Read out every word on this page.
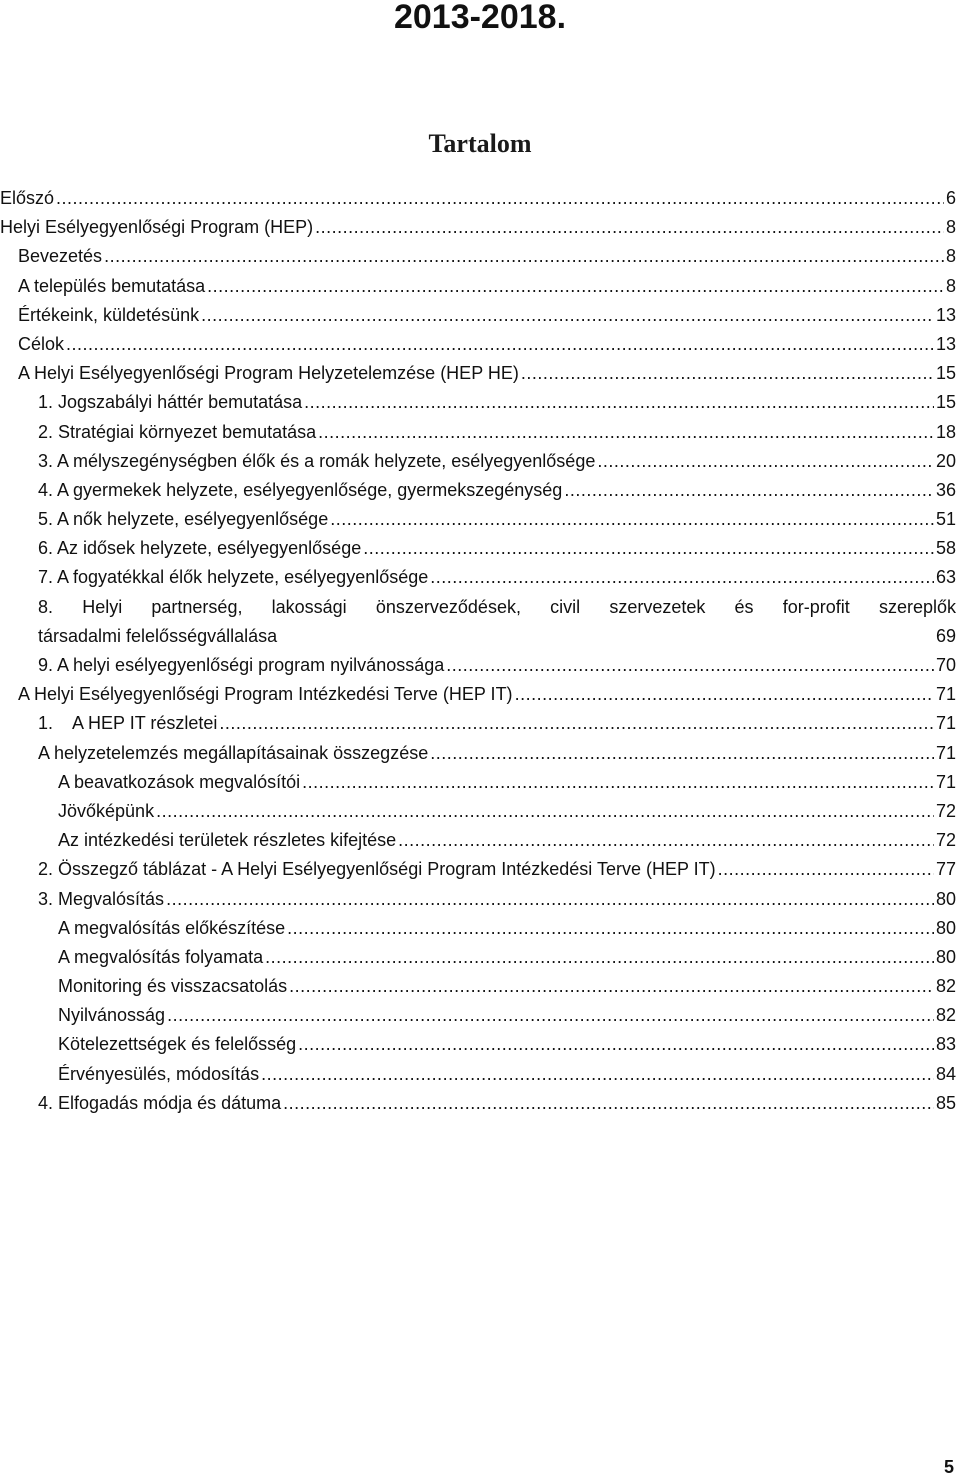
2013-2018.
Tartalom
Előszó .....	6
Helyi Esélyegyenlőségi Program (HEP) .....	8
Bevezetés .....	8
A település bemutatása .....	8
Értékeink, küldetésünk .....	13
Célok .....	13
A Helyi Esélyegyenlőségi Program Helyzetelemzése (HEP HE) .....	15
1. Jogszabályi háttér bemutatása .....	15
2. Stratégiai környezet bemutatása .....	18
3. A mélyszegénységben élők és a romák helyzete, esélyegyenlősége .....	20
4. A gyermekek helyzete, esélyegyenlősége, gyermekszegénység .....	36
5. A nők helyzete, esélyegyenlősége .....	51
6. Az idősek helyzete, esélyegyenlősége .....	58
7. A fogyatékkal élők helyzete, esélyegyenlősége .....	63
8. Helyi partnerség, lakossági önszerveződések, civil szervezetek és for-profit szereplők
társadalmi felelősségvállalása	69
9. A helyi esélyegyenlőségi program nyilvánossága .....	70
A Helyi Esélyegyenlőségi Program Intézkedési Terve (HEP IT) .....	71
1.    A HEP IT részletei .....	71
A helyzetelemzés megállapításainak összegzése .....	71
A beavatkozások megvalósítói .....	71
Jövőképünk .....	72
Az intézkedési területek részletes kifejtése .....	72
2. Összegző táblázat - A Helyi Esélyegyenlőségi Program Intézkedési Terve (HEP IT) .....	77
3. Megvalósítás .....	80
A megvalósítás előkészítése .....	80
A megvalósítás folyamata .....	80
Monitoring és visszacsatolás .....	82
Nyilvánosság .....	82
Kötelezettségek és felelősség .....	83
Érvényesülés, módosítás .....	84
4. Elfogadás módja és dátuma .....	85
5
